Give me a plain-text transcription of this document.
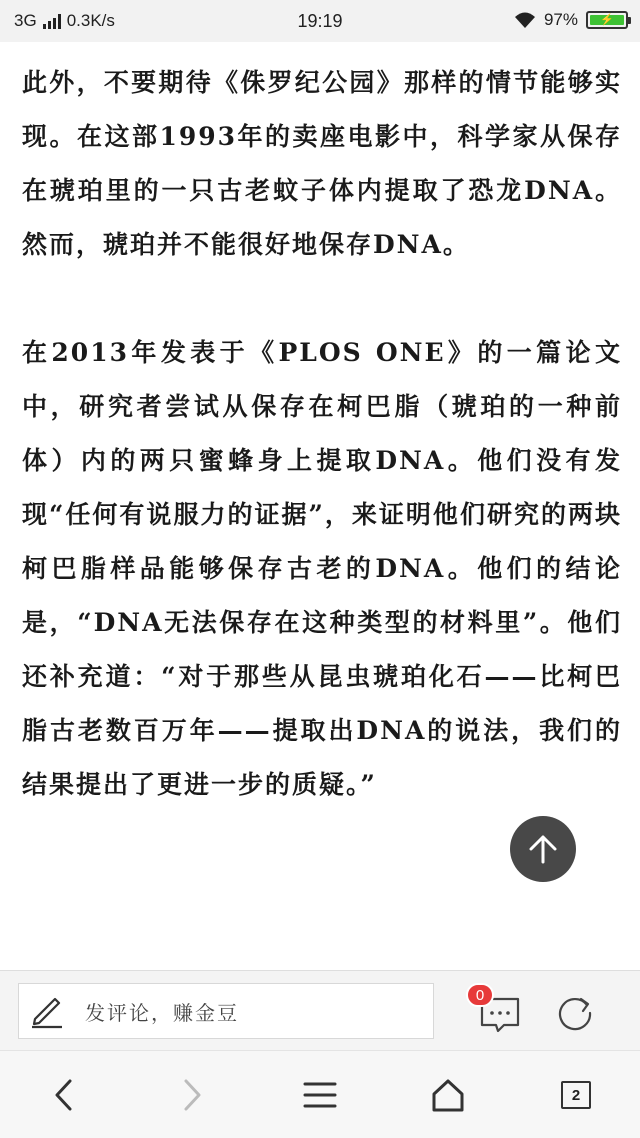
3G 0.3K/s	19:19	97%	⚡

此外，不要期待《侏罗纪公园》那样的情节能够实现。在这部1993年的卖座电影中，科学家从保存在琥珀里的一只古老蚊子体内提取了恐龙DNA。然而，琥珀并不能很好地保存DNA。

在2013年发表于《PLOS ONE》的一篇论文中，研究者尝试从保存在柯巴脂（琥珀的一种前体）内的两只蜜蜂身上提取DNA。他们没有发现“任何有说服力的证据”，来证明他们研究的两块柯巴脂样品能够保存古老的DNA。他们的结论是，“DNA无法保存在这种类型的材料里”。他们还补充道：“对于那些从昆虫琥珀化石——比柯巴脂古老数百万年——提取出DNA的说法，我们的结果提出了更进一步的质疑。”

发评论，赚金豆
0
2
